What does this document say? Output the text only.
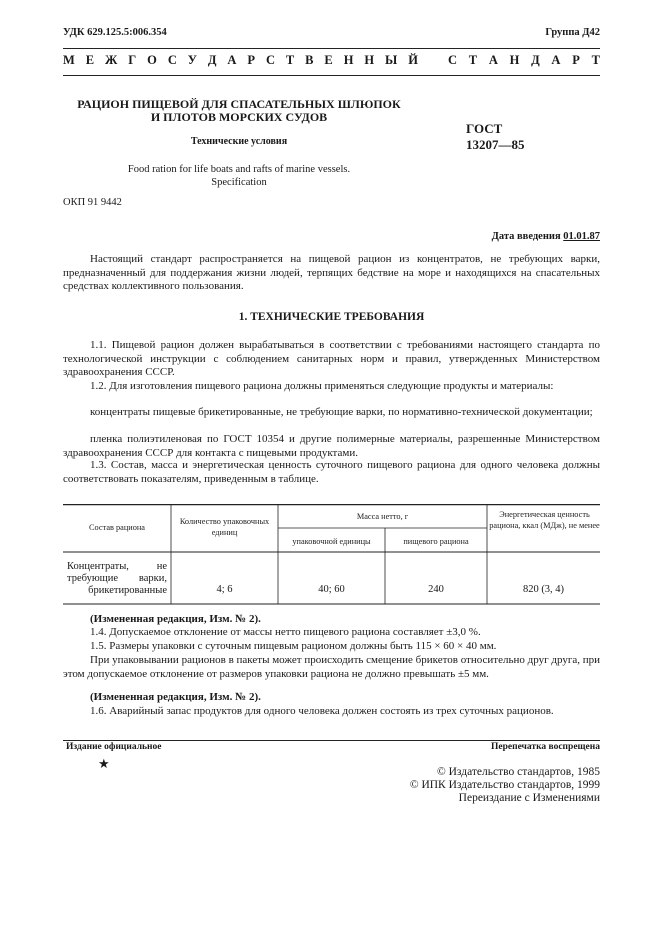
УДК 629.125.5:006.354	Группа Д42
М Е Ж Г О С У Д А Р С Т В Е Н Н Ы Й С Т А Н Д А Р Т
РАЦИОН ПИЩЕВОЙ ДЛЯ СПАСАТЕЛЬНЫХ ШЛЮПОК
И ПЛОТОВ МОРСКИХ СУДОВ
Технические условия
Food ration for life boats and rafts of marine vessels.
Specification
ГОСТ
13207—85
ОКП 91 9442
Дата введения 01.01.87
Настоящий стандарт распространяется на пищевой рацион из концентратов, не требующих варки, предназначенный для поддержания жизни людей, терпящих бедствие на море и находящихся на спасательных средствах коллективного пользования.
1. ТЕХНИЧЕСКИЕ ТРЕБОВАНИЯ
1.1. Пищевой рацион должен вырабатываться в соответствии с требованиями настоящего стандарта по технологической инструкции с соблюдением санитарных норм и правил, утвержденных Министерством здравоохранения СССР.
1.2. Для изготовления пищевого рациона должны применяться следующие продукты и материалы:
концентраты пищевые брикетированные, не требующие варки, по нормативно-технической документации;
пленка полиэтиленовая по ГОСТ 10354 и другие полимерные материалы, разрешенные Министерством здравоохранения СССР для контакта с пищевыми продуктами.
1.3. Состав, масса и энергетическая ценность суточного пищевого рациона для одного человека должны соответствовать показателям, приведенным в таблице.
Состав рациона
Количество упаковочных единиц
Масса нетто, г
упаковочной единицы	пищевого рациона
Энергетическая ценность рациона, ккал (МДж), не менее
Концентраты, не требующие варки, брикетированные	4; 6	40; 60	240	820 (3, 4)
(Измененная редакция, Изм. № 2).
1.4. Допускаемое отклонение от массы нетто пищевого рациона составляет ±3,0 %.
1.5. Размеры упаковки с суточным пищевым рационом должны быть 115 × 60 × 40 мм.
При упаковывании рационов в пакеты может происходить смещение брикетов относительно друг друга, при этом допускаемое отклонение от размеров упаковки рациона не должно превышать ±5 мм.
(Измененная редакция, Изм. № 2).
1.6. Аварийный запас продуктов для одного человека должен состоять из трех суточных рационов.
Издание официальное	Перепечатка воспрещена
★
© Издательство стандартов, 1985
© ИПК Издательство стандартов, 1999
Переиздание с Изменениями
